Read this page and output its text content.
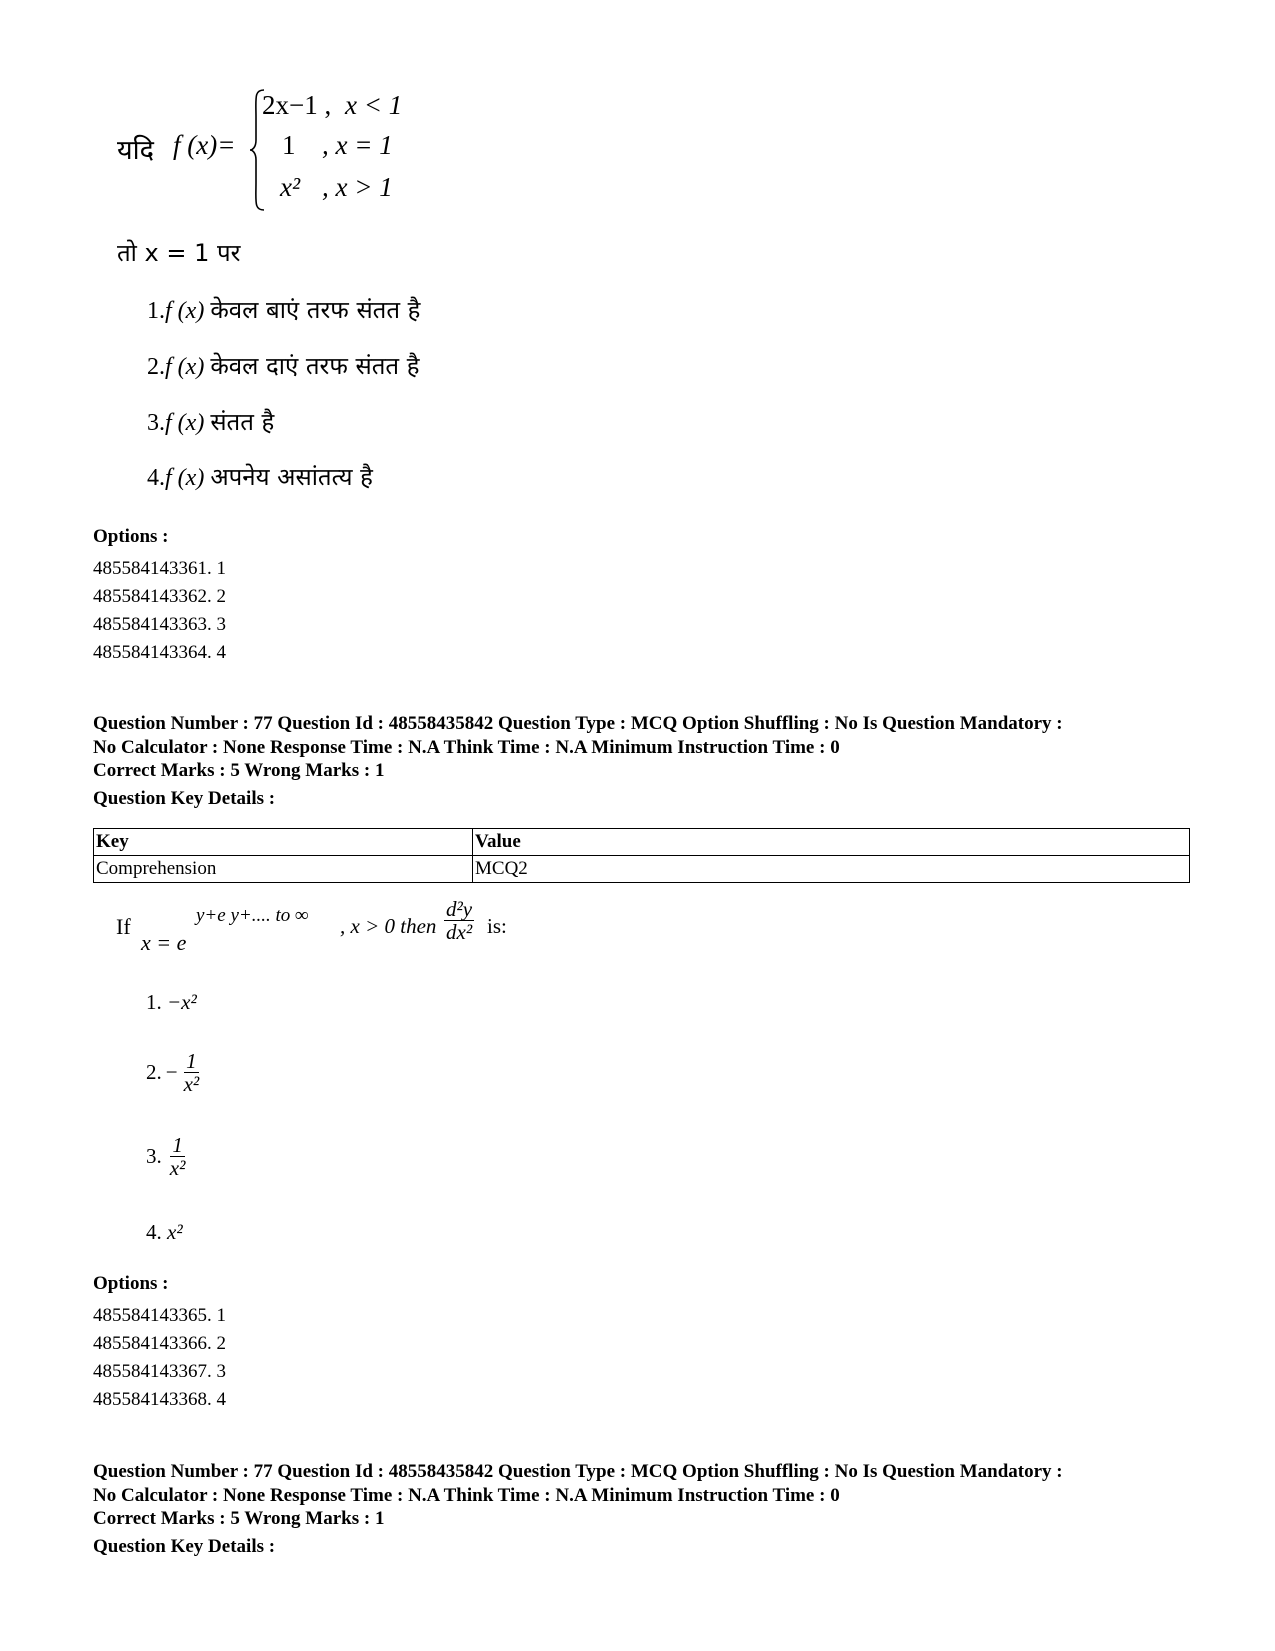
यदि f (x)=
2x−1 , x < 1
1 , x = 1
x² , x > 1
तो x = 1 पर
1.f (x) केवल बाएं तरफ संतत है
2.f (x) केवल दाएं तरफ संतत है
3.f (x) संतत है
4.f (x) अपनेय असांतत्य है
Options :
485584143361. 1
485584143362. 2
485584143363. 3
485584143364. 4
Question Number : 77 Question Id : 48558435842 Question Type : MCQ Option Shuffling : No Is Question Mandatory :
No Calculator : None Response Time : N.A Think Time : N.A Minimum Instruction Time : 0
Correct Marks : 5 Wrong Marks : 1
Question Key Details :
Key	Value
Comprehension	MCQ2
If
x = e
y+e y+.... to ∞ , x > 0 then $\frac{\text{d²y}}{\text{dx²}}$ is:
1. −x²
2. − $\frac{1}{\text{x²}}$
3. $\frac{1}{\text{x²}}$
4. x²
Options :
485584143365. 1
485584143366. 2
485584143367. 3
485584143368. 4
Question Number : 77 Question Id : 48558435842 Question Type : MCQ Option Shuffling : No Is Question Mandatory :
No Calculator : None Response Time : N.A Think Time : N.A Minimum Instruction Time : 0
Correct Marks : 5 Wrong Marks : 1
Question Key Details :
